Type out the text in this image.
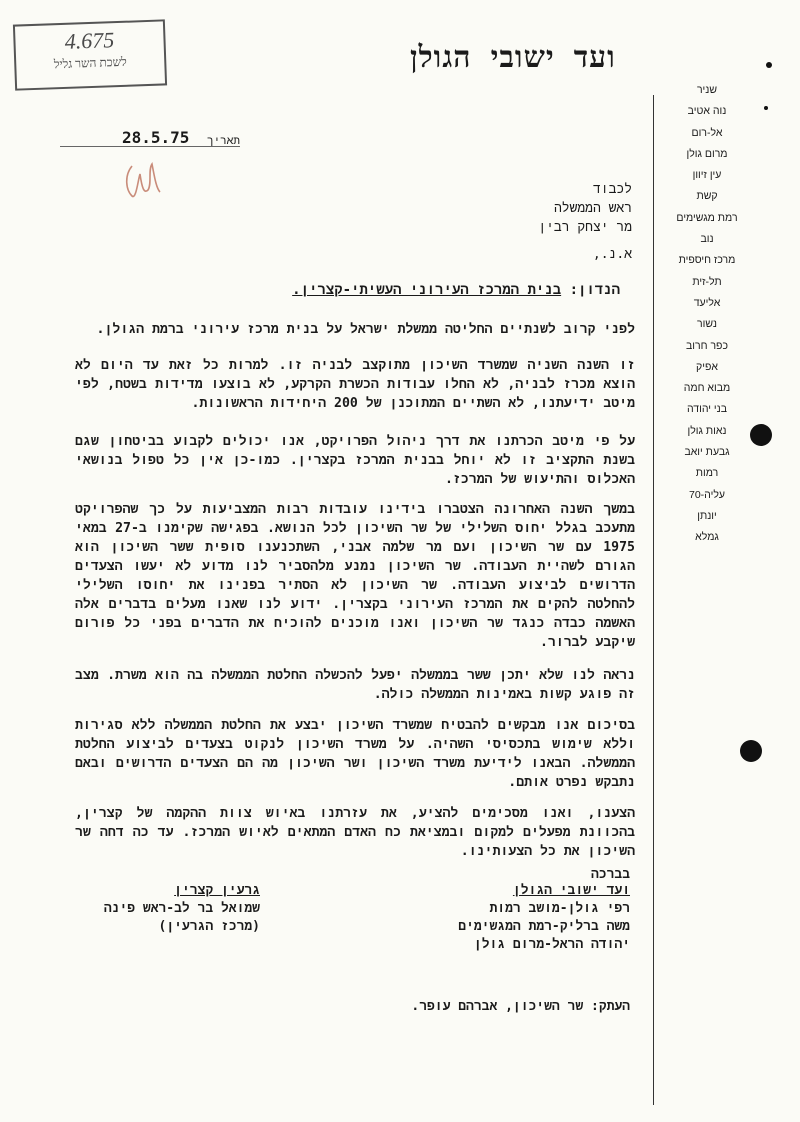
4.675
לשכת השר גליל	ועד ישובי הגולן
שניר
נוה אטיב
אל-רום
מרום גולן
עין זיוון
קשת
רמת מגשימים
נוב
מרכז חיספית
תל-זית
אליעד
נשור
כפר חרוב
אפיק
מבוא חמה
בני יהודה
נאות גולן
גבעת יואב
רמות
עליה-70
יונתן
גמלא
28.5.75 תאריך
לכבוד
ראש הממשלה
מר יצחק רבין
א.נ.,
הנדון: בנית המרכז העירוני העשיתי-קצרין.

לפני קרוב לשנתיים החליטה ממשלת ישראל על בנית מרכז עירוני ברמת הגולן.

זו השנה השניה שמשרד השיכון מתוקצב לבניה זו. למרות כל זאת עד היום לא הוצא מכרז לבניה, לא החלו עבודות הכשרת הקרקע, לא בוצעו מדידות בשטח, לפי מיטב ידיעתנו, לא השתיים המתוכנן של 200 היחידות הראשונות.

על פי מיטב הכרתנו את דרך ניהול הפרויקט, אנו יכולים לקבוע בביטחון שגם בשנת התקציב זו לא יוחל בבנית המרכז בקצרין. כמו-כן אין כל טפול בנושאי האכלוס והתיעוש של המרכז.

במשך השנה האחרונה הצטברו בידינו עובדות רבות המצביעות על כך שהפרויקט מתעכב בגלל יחוס השלילי של שר השיכון לכל הנושא. בפגישה שקימנו ב-27 במאי 1975 עם שר השיכון ועם מר שלמה אבני, השתכנענו סופית ששר השיכון הוא הגורם לשהיית העבודה. שר השיכון נמנע מלהסביר לנו מדוע לא יעשו הצעדים הדרושים לביצוע העבודה. שר השיכון לא הסתיר בפנינו את יחוסו השלילי להחלטה להקים את המרכז העירוני בקצרין. ידוע לנו שאנו מעלים בדברים אלה האשמה כבדה כנגד שר השיכון ואנו מוכנים להוכיח את הדברים בפני כל פורום שיקבע לברור.

נראה לנו שלא יתכן ששר בממשלה יפעל להכשלה החלטת הממשלה בה הוא משרת. מצב זה פוגע קשות באמינות הממשלה כולה.

בסיכום אנו מבקשים להבטיח שמשרד השיכון יבצע את החלטת הממשלה ללא סגירות וללא שימוש בתכסיסי השהיה. על משרד השיכון לנקוט בצעדים לביצוע החלטת הממשלה. הבאנו לידיעת משרד השיכון ושר השיכון מה הם הצעדים הדרושים ובאם נתבקש נפרט אותם.

הצענו, ואנו מסכימים להציע, את עזרתנו באיוש צוות ההקמה של קצרין, בהכוונת מפעלים למקום ובמציאת כח האדם המתאים לאיוש המרכז. עד כה דחה שר השיכון את כל הצעותינו.

בברכה
ועד ישובי הגולן
רפי גולן-מושב רמות
משה ברליק-רמת המגשימים
יהודה הראל-מרום גולן
גרעין קצרין
שמואל בר לב-ראש פינה
(מרכז הגרעין)
העתק: שר השיכון, אברהם עופר.
